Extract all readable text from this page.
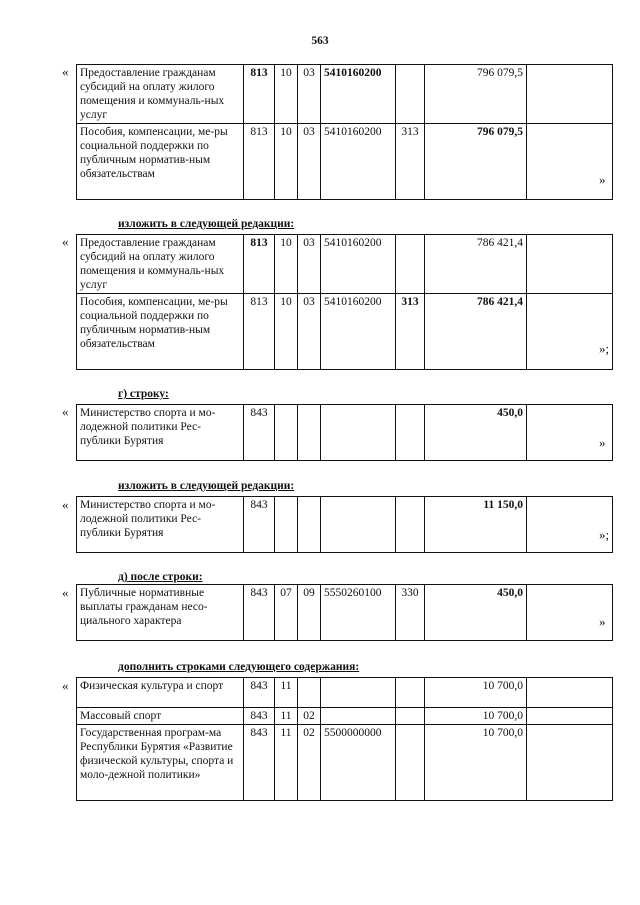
563
« Предоставление гражданам субсидий на оплату жилого помещения и коммуналь-ных услуг	813	10	03	5410160200		796 079,5	
Пособия, компенсации, ме-ры социальной поддержки по публичным норматив-ным обязательствам	813	10	03	5410160200	313	796 079,5	
»
изложить в следующей редакции:
« Предоставление гражданам субсидий на оплату жилого помещения и коммуналь-ных услуг	813	10	03	5410160200		786 421,4	
Пособия, компенсации, ме-ры социальной поддержки по публичным норматив-ным обязательствам	813	10	03	5410160200	313	786 421,4	
»;
г) строку:
« Министерство спорта и мо-лодежной политики Рес-публики Бурятия	843					450,0	
»
изложить в следующей редакции:
« Министерство спорта и мо-лодежной политики Рес-публики Бурятия	843					11 150,0	
»;
д) после строки:
« Публичные нормативные выплаты гражданам несо-циального характера	843	07	09	5550260100	330	450,0	
»
дополнить строками следующего содержания:
« Физическая культура и спорт	843	11				10 700,0	
Массовый спорт	843	11	02			10 700,0	
Государственная програм-ма Республики Бурятия «Развитие физической культуры, спорта и моло-дежной политики»	843	11	02	5500000000		10 700,0	
